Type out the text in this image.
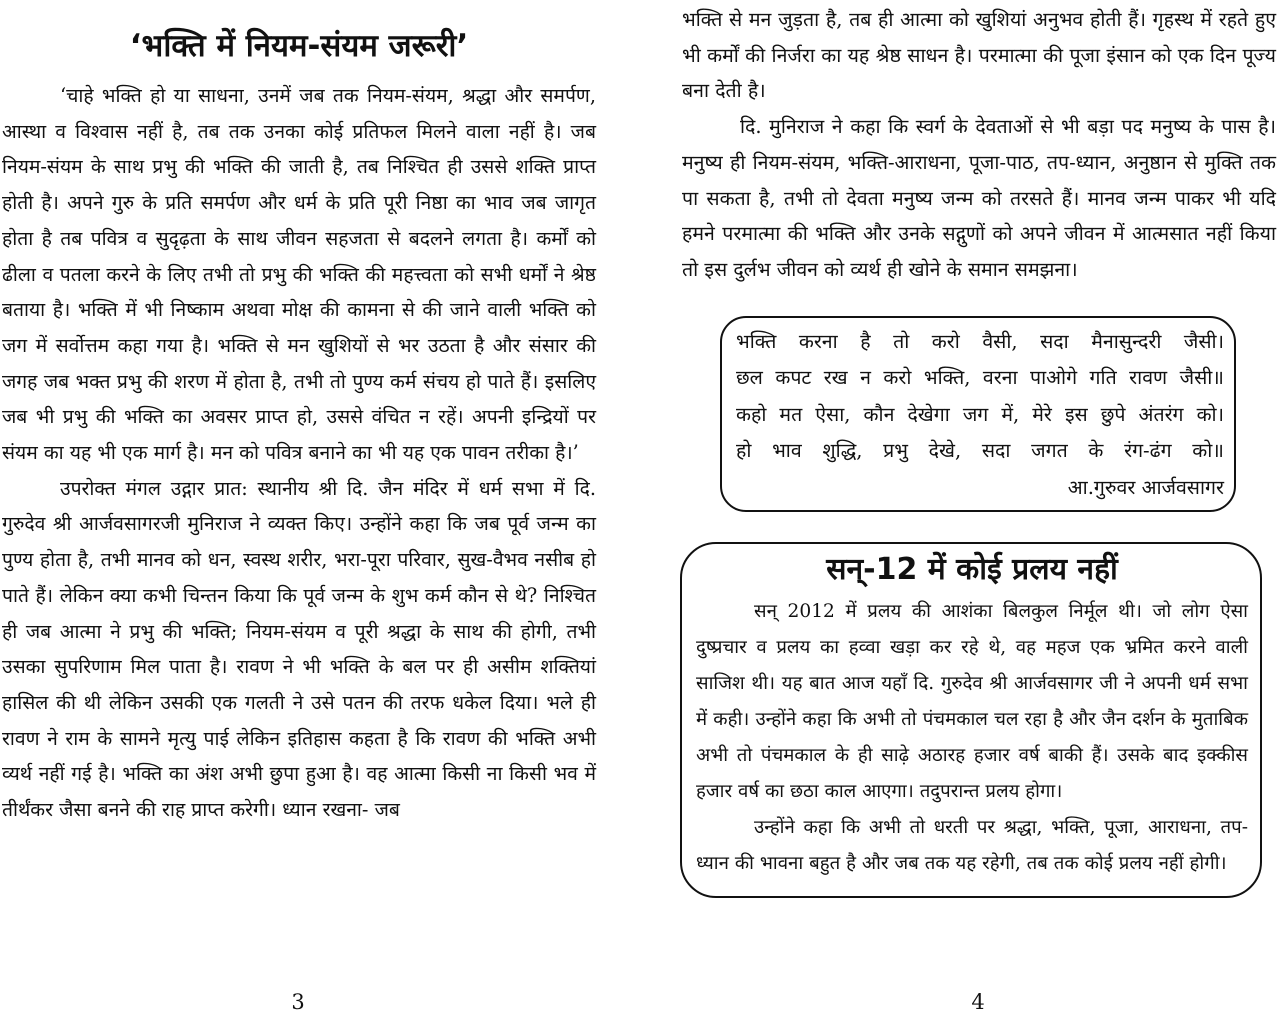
‘भक्ति में नियम-संयम जरूरी’

‘चाहे भक्ति हो या साधना, उनमें जब तक नियम-संयम, श्रद्धा और समर्पण, आस्था व विश्वास नहीं है, तब तक उनका कोई प्रतिफल मिलने वाला नहीं है। जब नियम-संयम के साथ प्रभु की भक्ति की जाती है, तब निश्चित ही उससे शक्ति प्राप्त होती है। अपने गुरु के प्रति समर्पण और धर्म के प्रति पूरी निष्ठा का भाव जब जागृत होता है तब पवित्र व सुदृढ़ता के साथ जीवन सहजता से बदलने लगता है। कर्मों को ढीला व पतला करने के लिए तभी तो प्रभु की भक्ति की महत्त्वता को सभी धर्मों ने श्रेष्ठ बताया है। भक्ति में भी निष्काम अथवा मोक्ष की कामना से की जाने वाली भक्ति को जग में सर्वोत्तम कहा गया है। भक्ति से मन खुशियों से भर उठता है और संसार की जगह जब भक्त प्रभु की शरण में होता है, तभी तो पुण्य कर्म संचय हो पाते हैं। इसलिए जब भी प्रभु की भक्ति का अवसर प्राप्त हो, उससे वंचित न रहें। अपनी इन्द्रियों पर संयम का यह भी एक मार्ग है। मन को पवित्र बनाने का भी यह एक पावन तरीका है।’

उपरोक्त मंगल उद्गार प्रात: स्थानीय श्री दि. जैन मंदिर में धर्म सभा में दि. गुरुदेव श्री आर्जवसागरजी मुनिराज ने व्यक्त किए। उन्होंने कहा कि जब पूर्व जन्म का पुण्य होता है, तभी मानव को धन, स्वस्थ शरीर, भरा-पूरा परिवार, सुख-वैभव नसीब हो पाते हैं। लेकिन क्या कभी चिन्तन किया कि पूर्व जन्म के शुभ कर्म कौन से थे? निश्चित ही जब आत्मा ने प्रभु की भक्ति; नियम-संयम व पूरी श्रद्धा के साथ की होगी, तभी उसका सुपरिणाम मिल पाता है। रावण ने भी भक्ति के बल पर ही असीम शक्तियां हासिल की थी लेकिन उसकी एक गलती ने उसे पतन की तरफ धकेल दिया। भले ही रावण ने राम के सामने मृत्यु पाई लेकिन इतिहास कहता है कि रावण की भक्ति अभी व्यर्थ नहीं गई है। भक्ति का अंश अभी छुपा हुआ है। वह आत्मा किसी ना किसी भव में तीर्थंकर जैसा बनने की राह प्राप्त करेगी। ध्यान रखना- जब

भक्ति से मन जुड़ता है, तब ही आत्मा को खुशियां अनुभव होती हैं। गृहस्थ में रहते हुए भी कर्मों की निर्जरा का यह श्रेष्ठ साधन है। परमात्मा की पूजा इंसान को एक दिन पूज्य बना देती है।

दि. मुनिराज ने कहा कि स्वर्ग के देवताओं से भी बड़ा पद मनुष्य के पास है। मनुष्य ही नियम-संयम, भक्ति-आराधना, पूजा-पाठ, तप-ध्यान, अनुष्ठान से मुक्ति तक पा सकता है, तभी तो देवता मनुष्य जन्म को तरसते हैं। मानव जन्म पाकर भी यदि हमने परमात्मा की भक्ति और उनके सद्गुणों को अपने जीवन में आत्मसात नहीं किया तो इस दुर्लभ जीवन को व्यर्थ ही खोने के समान समझना।

भक्ति करना है तो करो वैसी, सदा मैनासुन्दरी जैसी।

छल कपट रख न करो भक्ति, वरना पाओगे गति रावण जैसी॥

कहो मत ऐसा, कौन देखेगा जग में, मेरे इस छुपे अंतरंग को।

हो भाव शुद्धि, प्रभु देखे, सदा जगत के रंग-ढंग को॥

आ.गुरुवर आर्जवसागर

सन्-12 में कोई प्रलय नहीं

सन् 2012 में प्रलय की आशंका बिलकुल निर्मूल थी। जो लोग ऐसा दुष्प्रचार व प्रलय का हव्वा खड़ा कर रहे थे, वह महज एक भ्रमित करने वाली साजिश थी। यह बात आज यहाँ दि. गुरुदेव श्री आर्जवसागर जी ने अपनी धर्म सभा में कही। उन्होंने कहा कि अभी तो पंचमकाल चल रहा है और जैन दर्शन के मुताबिक अभी तो पंचमकाल के ही साढ़े अठारह हजार वर्ष बाकी हैं। उसके बाद इक्कीस हजार वर्ष का छठा काल आएगा। तदुपरान्त प्रलय होगा।

उन्होंने कहा कि अभी तो धरती पर श्रद्धा, भक्ति, पूजा, आराधना, तप-ध्यान की भावना बहुत है और जब तक यह रहेगी, तब तक कोई प्रलय नहीं होगी।

3	4
